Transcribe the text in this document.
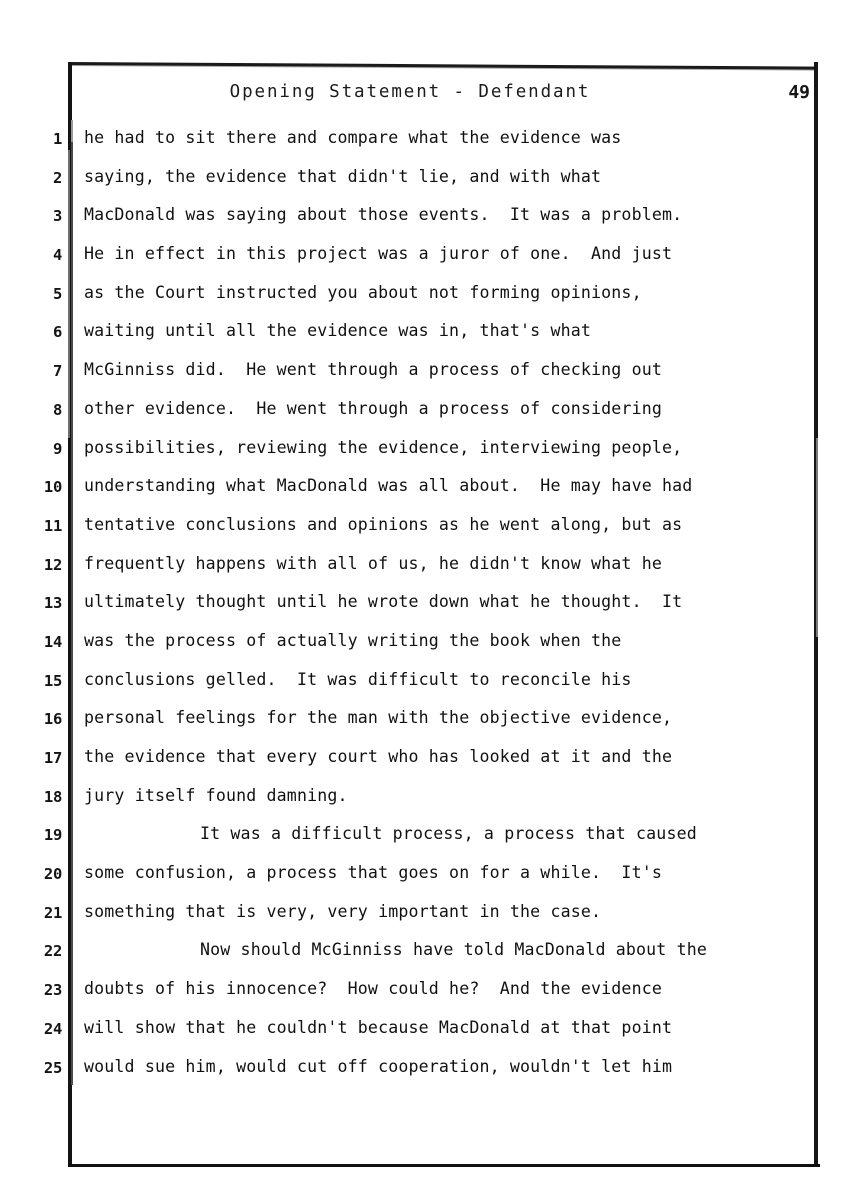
Opening Statement - Defendant	49
1 he had to sit there and compare what the evidence was
2 saying, the evidence that didn't lie, and with what
3 MacDonald was saying about those events.  It was a problem.
4 He in effect in this project was a juror of one.  And just
5 as the Court instructed you about not forming opinions,
6 waiting until all the evidence was in, that's what
7 McGinniss did.  He went through a process of checking out
8 other evidence.  He went through a process of considering
9 possibilities, reviewing the evidence, interviewing people,
10 understanding what MacDonald was all about.  He may have had
11 tentative conclusions and opinions as he went along, but as
12 frequently happens with all of us, he didn't know what he
13 ultimately thought until he wrote down what he thought.  It
14 was the process of actually writing the book when the
15 conclusions gelled.  It was difficult to reconcile his
16 personal feelings for the man with the objective evidence,
17 the evidence that every court who has looked at it and the
18 jury itself found damning.
19	It was a difficult process, a process that caused
20 some confusion, a process that goes on for a while.  It's
21 something that is very, very important in the case.
22	Now should McGinniss have told MacDonald about the
23 doubts of his innocence?  How could he?  And the evidence
24 will show that he couldn't because MacDonald at that point
25 would sue him, would cut off cooperation, wouldn't let him
